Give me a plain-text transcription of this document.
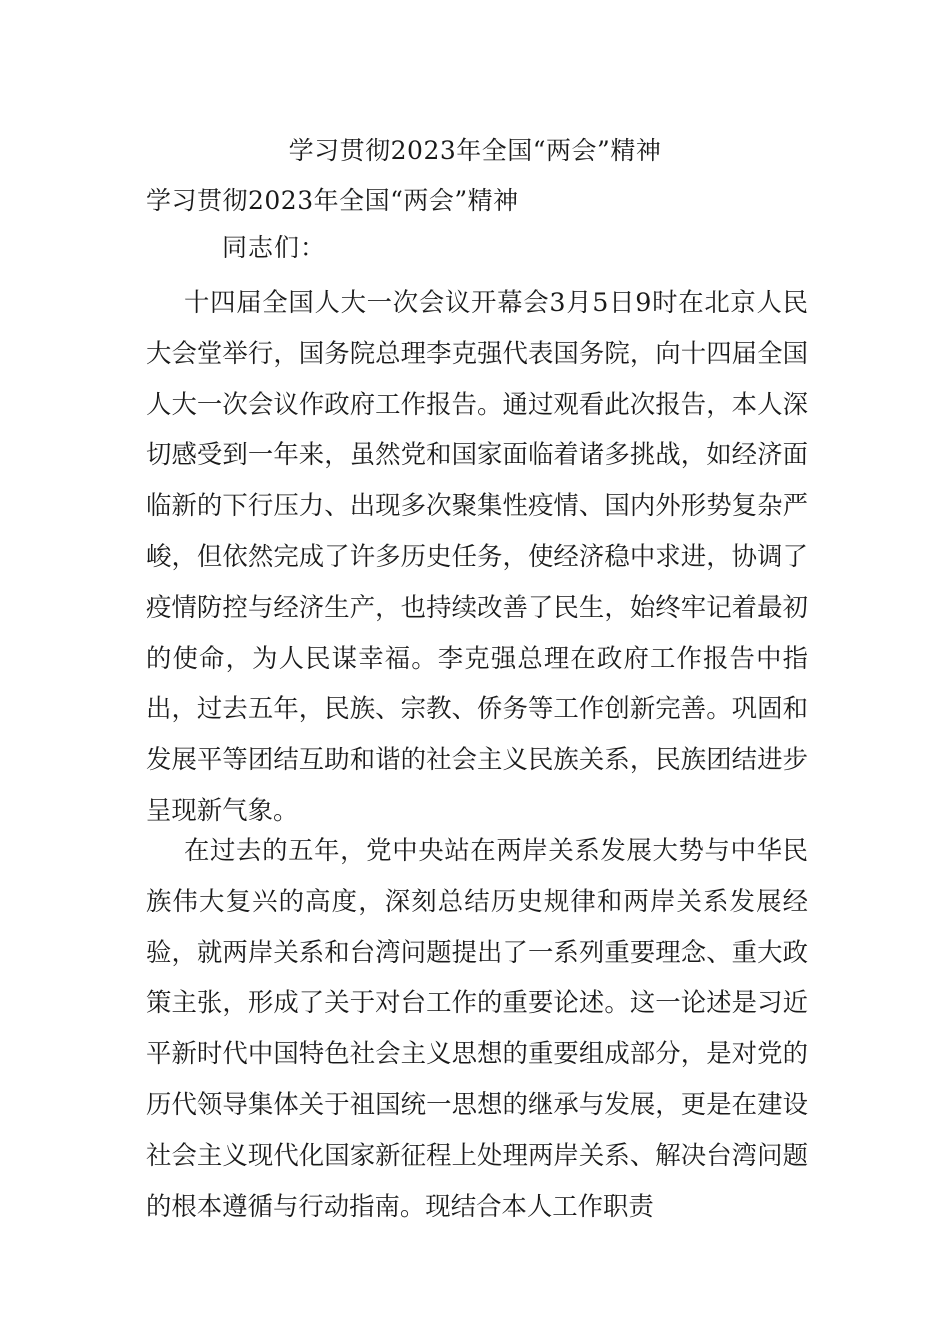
学习贯彻2023年全国“两会”精神
学习贯彻2023年全国“两会”精神

同志们：

十四届全国人大一次会议开幕会3月5日9时在北京人民大会堂举行，国务院总理李克强代表国务院，向十四届全国人大一次会议作政府工作报告。通过观看此次报告，本人深切感受到一年来，虽然党和国家面临着诸多挑战，如经济面临新的下行压力、出现多次聚集性疫情、国内外形势复杂严峻，但依然完成了许多历史任务，使经济稳中求进，协调了疫情防控与经济生产，也持续改善了民生，始终牢记着最初的使命，为人民谋幸福。李克强总理在政府工作报告中指出，过去五年，民族、宗教、侨务等工作创新完善。巩固和发展平等团结互助和谐的社会主义民族关系，民族团结进步呈现新气象。

在过去的五年，党中央站在两岸关系发展大势与中华民族伟大复兴的高度，深刻总结历史规律和两岸关系发展经验，就两岸关系和台湾问题提出了一系列重要理念、重大政策主张，形成了关于对台工作的重要论述。这一论述是习近平新时代中国特色社会主义思想的重要组成部分，是对党的历代领导集体关于祖国统一思想的继承与发展，更是在建设社会主义现代化国家新征程上处理两岸关系、解决台湾问题的根本遵循与行动指南。现结合本人工作职责
